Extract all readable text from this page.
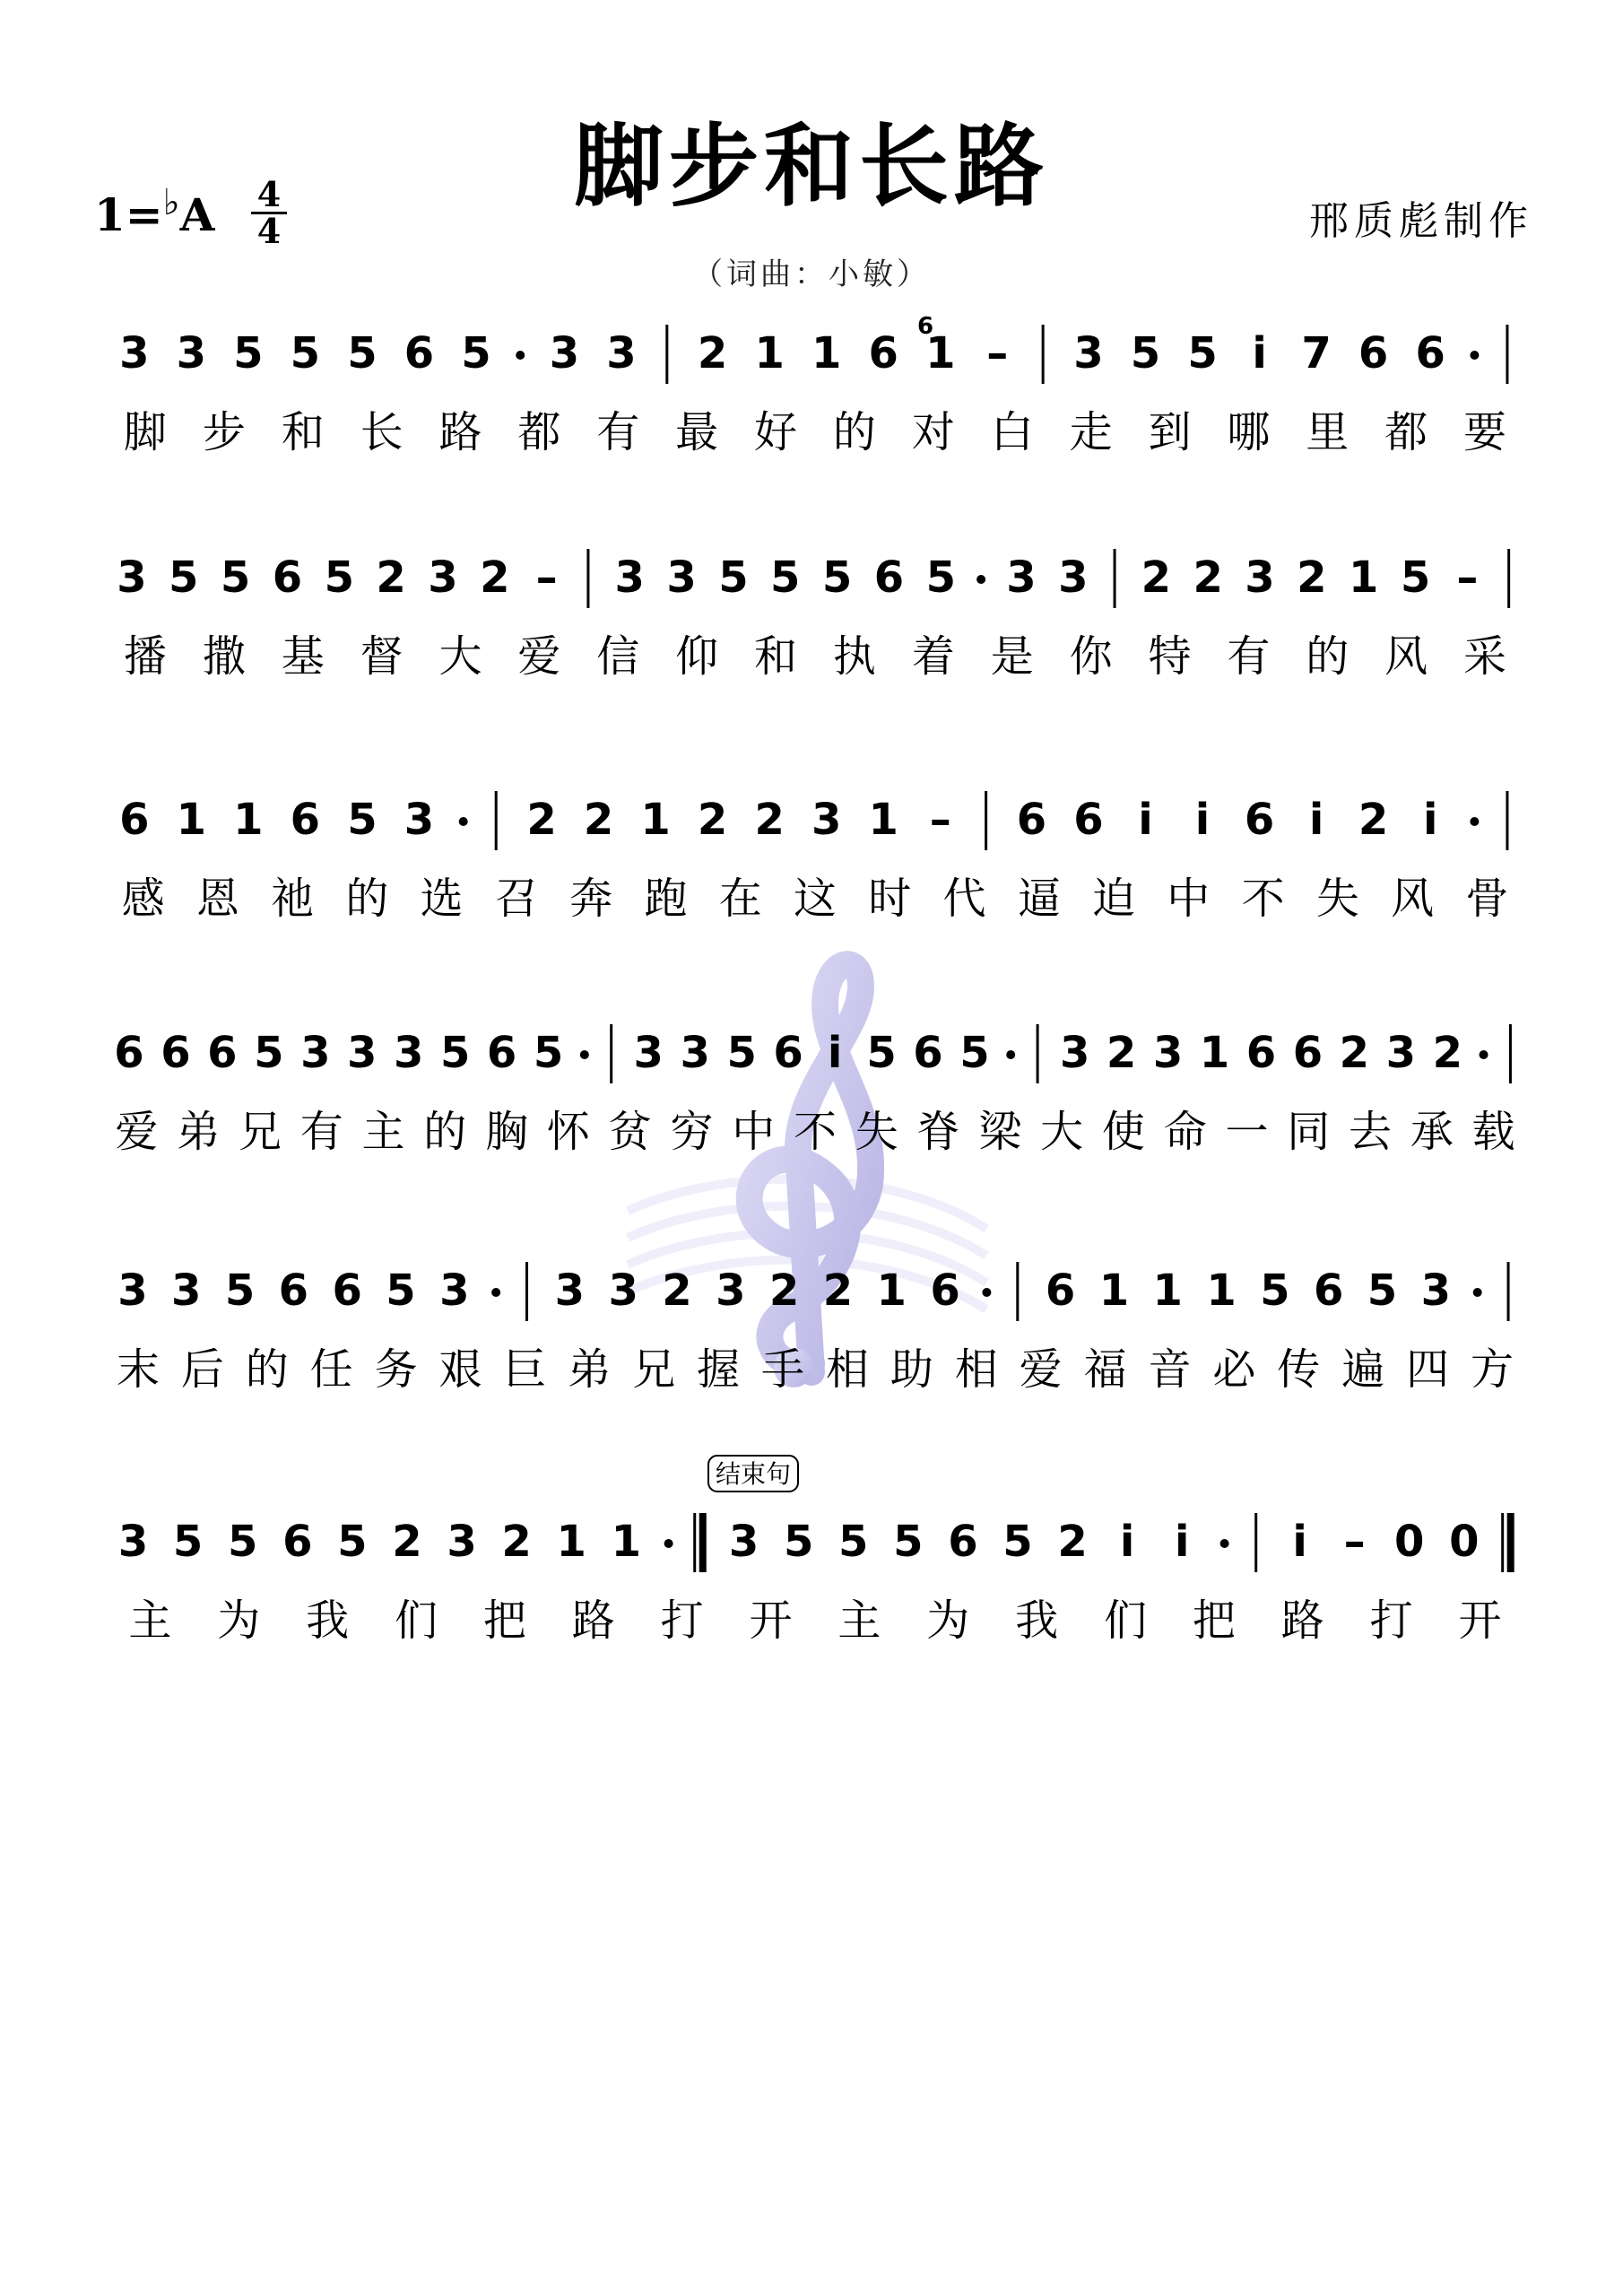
脚步和长路
1=♭A 4
4	邢质彪制作
（词曲：小敏）
3 3 5 5 5 6 5 3 3 2 1 1 6 1 – 3 5 5 i 7 6 6
脚 步 和 长 路 都 有 最 好 的 对 白 走 到 哪 里 都 要
3 5 5 6 5 2 3 2 – 3 3 5 5 5 6 5 3 3 2 2 3 2 1 5 –
播 撒 基 督 大 爱 信 仰 和 执 着 是 你 特 有 的 风 采
6 1 1 6 5 3 2 2 1 2 2 3 1 – 6 6 i i 6 i 2 i
感 恩 祂 的 选 召 奔 跑 在 这 时 代 逼 迫 中 不 失 风 骨
6 6 6 5 3 3 3 5 6 5 3 3 5 6 i 5 6 5 3 2 3 1 6 6 2 3 2
爱 弟 兄 有 主 的 胸 怀 贫 穷 中 不 失 脊 梁 大 使 命 一 同 去 承 载
3 3 5 6 6 5 3 3 3 2 3 2 2 1 6 6 1 1 1 5 6 5 3
末 后 的 任 务 艰 巨 弟 兄 握 手 相 助 相 爱 福 音 必 传 遍 四 方
3 5 5 6 5 2 3 2 1 1 3 5 5 5 6 5 2 i i i – 0 0
主 为 我 们 把 路 打 开 主 为 我 们 把 路 打 开
6
结束句
